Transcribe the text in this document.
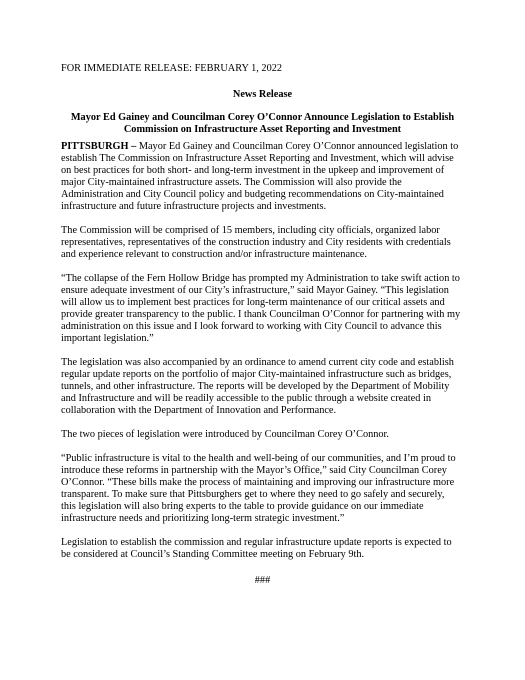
FOR IMMEDIATE RELEASE: FEBRUARY 1, 2022
News Release
Mayor Ed Gainey and Councilman Corey O’Connor Announce Legislation to Establish
Commission on Infrastructure Asset Reporting and Investment

PITTSBURGH – Mayor Ed Gainey and Councilman Corey O’Connor announced legislation to
establish The Commission on Infrastructure Asset Reporting and Investment, which will advise
on best practices for both short- and long-term investment in the upkeep and improvement of
major City-maintained infrastructure assets. The Commission will also provide the
Administration and City Council policy and budgeting recommendations on City-maintained
infrastructure and future infrastructure projects and investments.

The Commission will be comprised of 15 members, including city officials, organized labor
representatives, representatives of the construction industry and City residents with credentials
and experience relevant to construction and/or infrastructure maintenance.

“The collapse of the Fern Hollow Bridge has prompted my Administration to take swift action to
ensure adequate investment of our City’s infrastructure,” said Mayor Gainey. “This legislation
will allow us to implement best practices for long-term maintenance of our critical assets and
provide greater transparency to the public. I thank Councilman O’Connor for partnering with my
administration on this issue and I look forward to working with City Council to advance this
important legislation.”

The legislation was also accompanied by an ordinance to amend current city code and establish
regular update reports on the portfolio of major City-maintained infrastructure such as bridges,
tunnels, and other infrastructure. The reports will be developed by the Department of Mobility
and Infrastructure and will be readily accessible to the public through a website created in
collaboration with the Department of Innovation and Performance.

The two pieces of legislation were introduced by Councilman Corey O’Connor.

“Public infrastructure is vital to the health and well-being of our communities, and I’m proud to
introduce these reforms in partnership with the Mayor’s Office,” said City Councilman Corey
O’Connor. “These bills make the process of maintaining and improving our infrastructure more
transparent. To make sure that Pittsburghers get to where they need to go safely and securely,
this legislation will also bring experts to the table to provide guidance on our immediate
infrastructure needs and prioritizing long-term strategic investment.”

Legislation to establish the commission and regular infrastructure update reports is expected to
be considered at Council’s Standing Committee meeting on February 9th.

###
